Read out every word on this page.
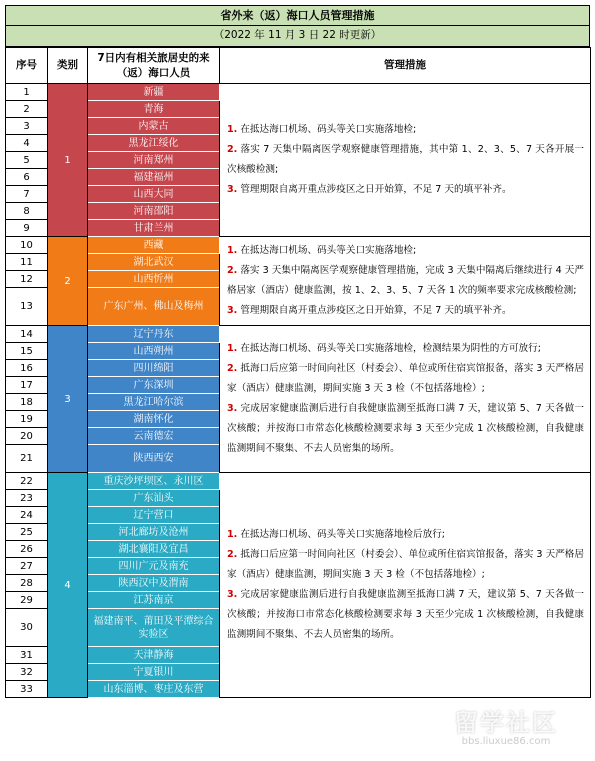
省外来（返）海口人员管理措施
（2022 年 11 月 3 日 22 时更新）
序号	类别	7日内有相关旅居史的来（返）海口人员	管理措施
1	1	新疆	1. 在抵达海口机场、码头等关口实施落地检;
2. 落实 7 天集中隔离医学观察健康管理措施，其中第 1、2、3、5、7 天各开展一次核酸检测;
3. 管理期限自离开重点涉疫区之日开始算，不足 7 天的填平补齐。

2		青海	
3		内蒙古	
4		黑龙江绥化	
5		河南郑州	
6		福建福州	
7		山西大同	
8		河南邵阳	
9		甘肃兰州	
10	2	西藏	1. 在抵达海口机场、码头等关口实施落地检;
2. 落实 3 天集中隔离医学观察健康管理措施，完成 3 天集中隔离后继续进行 4 天严格居家（酒店）健康监测，按 1、2、3、5、7 天各 1 次的频率要求完成核酸检测;
3. 管理期限自离开重点涉疫区之日开始算，不足 7 天的填平补齐。

11		湖北武汉	
12		山西忻州	
13		广东广州、佛山及梅州	
14	3	辽宁丹东	1. 在抵达海口机场、码头等关口实施落地检，检测结果为阴性的方可放行;
2. 抵海口后应第一时间向社区（村委会）、单位或所住宿宾馆报备，落实 3 天严格居家（酒店）健康监测，期间实施 3 天 3 检（不包括落地检）;
3. 完成居家健康监测后进行自我健康监测至抵海口满 7 天，建议第 5、7 天各做一次核酸；并按海口市常态化核酸检测要求每 3 天至少完成 1 次核酸检测，自我健康监测期间不聚集、不去人员密集的场所。

15		山西朔州	
16		四川绵阳	
17		广东深圳	
18		黑龙江哈尔滨	
19		湖南怀化	
20		云南德宏	
21		陕西西安	
22	4	重庆沙坪坝区、永川区	1. 在抵达海口机场、码头等关口实施落地检后放行;
2. 抵海口后应第一时间向社区（村委会）、单位或所住宿宾馆报备，落实 3 天严格居家（酒店）健康监测，期间实施 3 天 3 检（不包括落地检）;
3. 完成居家健康监测后进行自我健康监测至抵海口满 7 天，建议第 5、7 天各做一次核酸；并按海口市常态化核酸检测要求每 3 天至少完成 1 次核酸检测，自我健康监测期间不聚集、不去人员密集的场所。

23		广东汕头	
24		辽宁营口	
25		河北廊坊及沧州	
26		湖北襄阳及宜昌	
27		四川广元及南充	
28		陕西汉中及渭南	
29		江苏南京	
30		福建南平、莆田及平潭综合实验区	
31		天津静海	
32		宁夏银川	
33		山东淄博、枣庄及东营	
留学社区
bbs.liuxue86.com
